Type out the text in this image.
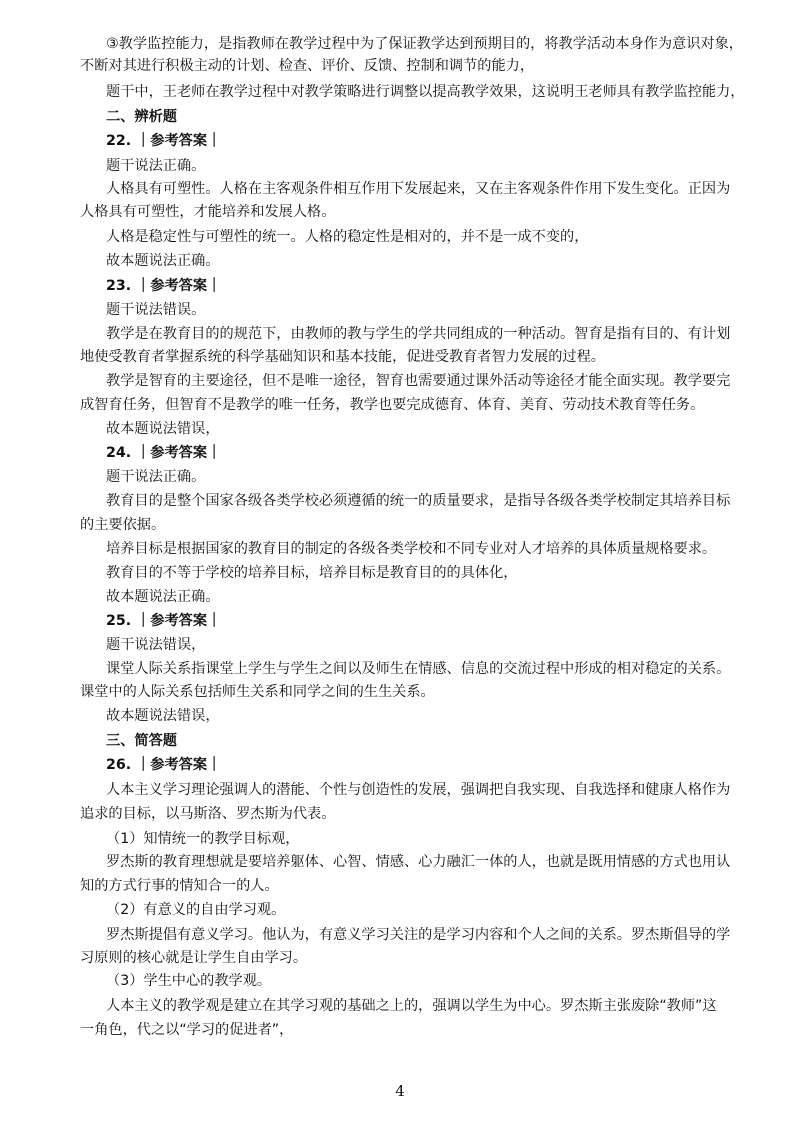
③教学监控能力，是指教师在教学过程中为了保证教学达到预期目的，将教学活动本身作为意识对象，
不断对其进行积极主动的计划、检查、评价、反馈、控制和调节的能力，
题干中，王老师在教学过程中对教学策略进行调整以提高教学效果，这说明王老师具有教学监控能力，
二、辨析题
22. ｜参考答案｜
题干说法正确。
人格具有可塑性。人格在主客观条件相互作用下发展起来，又在主客观条件作用下发生变化。正因为
人格具有可塑性，才能培养和发展人格。
人格是稳定性与可塑性的统一。人格的稳定性是相对的，并不是一成不变的，
故本题说法正确。
23. ｜参考答案｜
题干说法错误。
教学是在教育目的的规范下，由教师的教与学生的学共同组成的一种活动。智育是指有目的、有计划
地使受教育者掌握系统的科学基础知识和基本技能，促进受教育者智力发展的过程。
教学是智育的主要途径，但不是唯一途径，智育也需要通过课外活动等途径才能全面实现。教学要完
成智育任务，但智育不是教学的唯一任务，教学也要完成德育、体育、美育、劳动技术教育等任务。
故本题说法错误，
24. ｜参考答案｜
题干说法正确。
教育目的是整个国家各级各类学校必须遵循的统一的质量要求，是指导各级各类学校制定其培养目标
的主要依据。
培养目标是根据国家的教育目的制定的各级各类学校和不同专业对人才培养的具体质量规格要求。
教育目的不等于学校的培养目标，培养目标是教育目的的具体化，
故本题说法正确。
25. ｜参考答案｜
题干说法错误，
课堂人际关系指课堂上学生与学生之间以及师生在情感、信息的交流过程中形成的相对稳定的关系。
课堂中的人际关系包括师生关系和同学之间的生生关系。
故本题说法错误，
三、简答题
26. ｜参考答案｜
人本主义学习理论强调人的潜能、个性与创造性的发展，强调把自我实现、自我选择和健康人格作为
追求的目标，以马斯洛、罗杰斯为代表。
（1）知情统一的教学目标观，
罗杰斯的教育理想就是要培养躯体、心智、情感、心力融汇一体的人，也就是既用情感的方式也用认
知的方式行事的情知合一的人。
（2）有意义的自由学习观。
罗杰斯提倡有意义学习。他认为，有意义学习关注的是学习内容和个人之间的关系。罗杰斯倡导的学
习原则的核心就是让学生自由学习。
（3）学生中心的教学观。
人本主义的教学观是建立在其学习观的基础之上的，强调以学生为中心。罗杰斯主张废除“教师”这
一角色，代之以“学习的促进者”，
4
